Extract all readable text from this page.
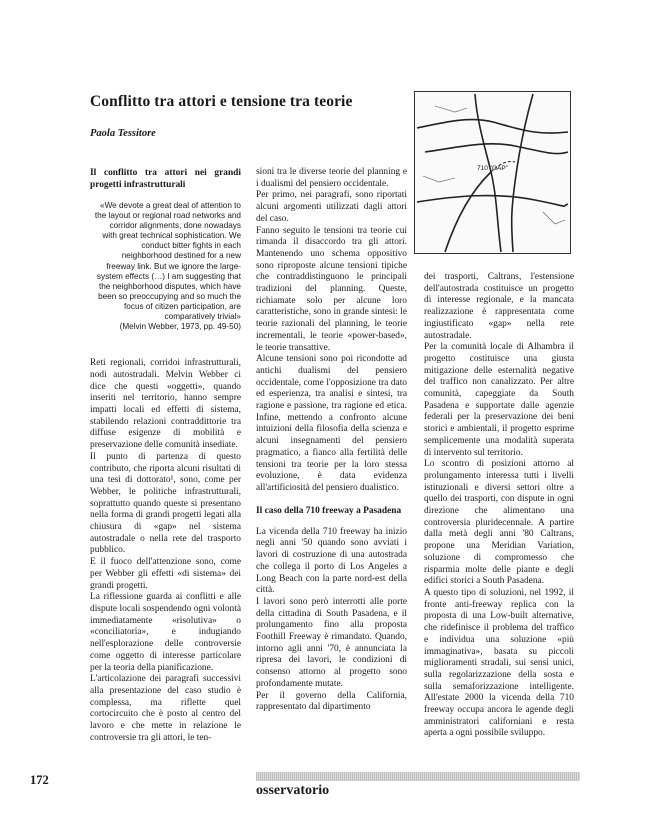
Conflitto tra attori e tensione tra teorie

Paola Tessitore

710 "GAP"

Il conflitto tra attori nei grandi progetti infrastrutturali

«We devote a great deal of attention to the layout or regional road networks and corridor alignments, done nowadays with great technical sophistication. We conduct bitter fights in each neighborhood destined for a new freeway link. But we ignore the large- system effects (…) I am suggesting that the neighborhood disputes, which have been so preoccupying and so much the focus of citizen participation, are comparatively trivial»
(Melvin Webber, 1973, pp. 49-50)

Reti regionali, corridoi infrastrutturali, nodi autostradali. Melvin Webber ci dice che questi «oggetti», quando inseriti nel territorio, hanno sempre impatti locali ed effetti di sistema, stabilendo relazioni contraddittorie tra diffuse esigenze di mobilità e preservazione delle comunità insediate.

Il punto di partenza di questo contributo, che riporta alcuni risultati di una tesi di dottorato¹, sono, come per Webber, le politiche infrastrutturali, soprattutto quando queste si presentano nella forma di grandi progetti legati alla chiusura di «gap» nel sistema autostradale o nella rete del trasporto pubblico.

E il fuoco dell'attenzione sono, come per Webber gli effetti «di sistema» dei grandi progetti.

La riflessione guarda ai conflitti e alle dispute locali sospendendo ogni volontà immediatamente «risolutiva» o «conciliatoria», e indugiando nell'esplorazione delle controversie come oggetto di interesse particolare per la teoria della pianificazione.

L'articolazione dei paragrafi successivi alla presentazione del caso studio è complessa, ma riflette quel cortocircuito che è posto al centro del lavoro e che mette in relazione le controversie tra gli attori, le ten-

sioni tra le diverse teorie del planning e i dualismi del pensiero occidentale.

Per primo, nei paragrafi, sono riportati alcuni argomenti utilizzati dagli attori del caso.

Fanno seguito le tensioni tra teorie cui rimanda il disaccordo tra gli attori. Mantenendo uno schema oppositivo sono riproposte alcune tensioni tipiche che contraddistinguono le principali tradizioni del planning. Queste, richiamate solo per alcune loro caratteristiche, sono in grande sintesi: le teorie razionali del planning, le teorie incrementali, le teorie «power-based», le teorie transattive.

Alcune tensioni sono poi ricondotte ad antichi dualismi del pensiero occidentale, come l'opposizione tra dato ed esperienza, tra analisi e sintesi, tra ragione e passione, tra ragione ed etica. Infine, mettendo a confronto alcune intuizioni della filosofia della scienza e alcuni insegnamenti del pensiero pragmatico, a fianco alla fertilità delle tensioni tra teorie per la loro stessa evoluzione, è data evidenza all'artificiosità del pensiero dualistico.

Il caso della 710 freeway a Pasadena

La vicenda della 710 freeway ha inizio negli anni '50 quando sono avviati i lavori di costruzione di una autostrada che collega il porto di Los Angeles a Long Beach con la parte nord-est della città.

I lavori sono però interrotti alle porte della cittadina di South Pasadena, e il prolungamento fino alla proposta Foothill Freeway è rimandato. Quando, intorno agli anni '70, è annunciata la ripresa dei lavori, le condizioni di consenso attorno al progetto sono profondamente mutate.

Per il governo della California, rappresentato dal dipartimento

dei trasporti, Caltrans, l'estensione dell'autostrada costituisce un progetto di interesse regionale, e la mancata realizzazione è rappresentata come ingiustificato «gap» nella rete autostradale.

Per la comunità locale di Alhambra il progetto costituisce una giusta mitigazione delle esternalità negative del traffico non canalizzato. Per altre comunità, capeggiate da South Pasadena e supportate dalle agenzie federali per la preservazione dei beni storici e ambientali, il progetto esprime semplicemente una modalità superata di intervento sul territorio.

Lo scontro di posizioni attorno al prolungamento interessa tutti i livelli istituzionali e diversi settori oltre a quello dei trasporti, con dispute in ogni direzione che alimentano una controversia pluridecennale. A partire dalla metà degli anni '80 Caltrans, propone una Meridian Variation, soluzione di compromesso che risparmia molte delle piante e degli edifici storici a South Pasadena.

A questo tipo di soluzioni, nel 1992, il fronte anti-freeway replica con la proposta di una Low-built alternative, che ridefinisce il problema del traffico e individua una soluzione «più immaginativa», basata su piccoli miglioramenti stradali, sui sensi unici, sulla regolarizzazione della sosta e sulla semaforizzazione intelligente. All'estate 2000 la vicenda della 710 freeway occupa ancora le agende degli amministratori californiani e resta aperta a ogni possibile sviluppo.

172

osservatorio
